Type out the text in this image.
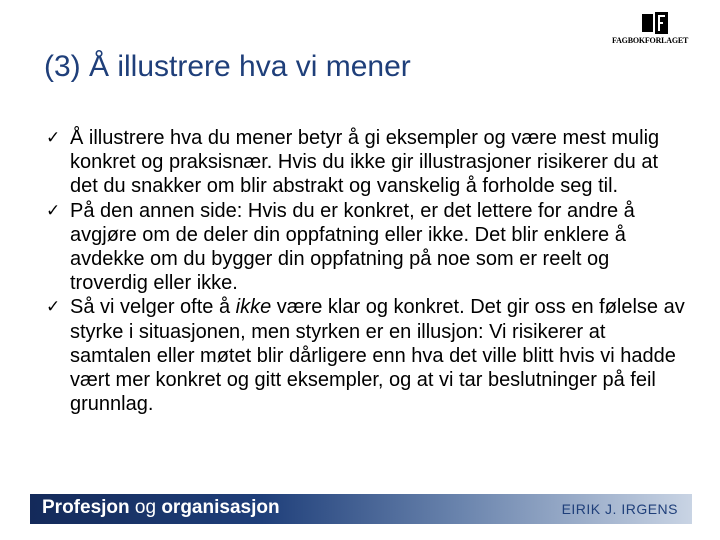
(3) Å illustrere hva vi mener
FAGBOKFORLAGET
✓ Å illustrere hva du mener betyr å gi eksempler og være mest mulig konkret og praksisnær. Hvis du ikke gir illustrasjoner risikerer du at det du snakker om blir abstrakt og vanskelig å forholde seg til.
✓ På den annen side: Hvis du er konkret, er det lettere for andre å avgjøre om de deler din oppfatning eller ikke. Det blir enklere å avdekke om du bygger din oppfatning på noe som er reelt og troverdig eller ikke.
✓ Så vi velger ofte å ikke være klar og konkret. Det gir oss en følelse av styrke i situasjonen, men styrken er en illusjon: Vi risikerer at samtalen eller møtet blir dårligere enn hva det ville blitt hvis vi hadde vært mer konkret og gitt eksempler, og at vi tar beslutninger på feil grunnlag.
Profesjon og organisasjon	EIRIK J. IRGENS
